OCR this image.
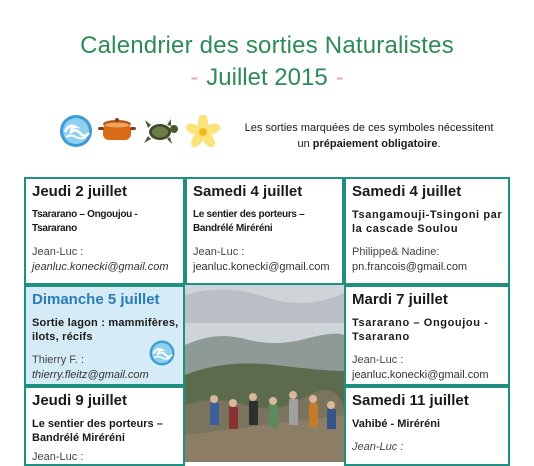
Calendrier des sorties Naturalistes
- Juillet 2015 -
Les sorties marquées de ces symboles nécessitent
un prépaiement obligatoire.
Jeudi 2 juillet
Tsararano – Ongoujou - Tsararano
Jean-Luc :
jeanluc.konecki@gmail.com
Samedi 4 juillet
Le sentier des porteurs – Bandrélé Miréréni
Jean-Luc :
jeanluc.konecki@gmail.com
Samedi 4 juillet
Tsangamouji-Tsingoni par la cascade Soulou
Philippe& Nadine:
pn.francois@gmail.com
Dimanche 5 juillet
Sortie lagon : mammifères, ilots, récifs
Thierry F. :
thierry.fleitz@gmail.com
Mardi 7 juillet
Tsararano – Ongoujou - Tsararano
Jean-Luc :
jeanluc.konecki@gmail.com
Jeudi 9 juillet
Le sentier des porteurs – Bandrélé Miréréni
Jean-Luc :
Samedi 11 juillet
Vahibé - Miréréni
Jean-Luc :
